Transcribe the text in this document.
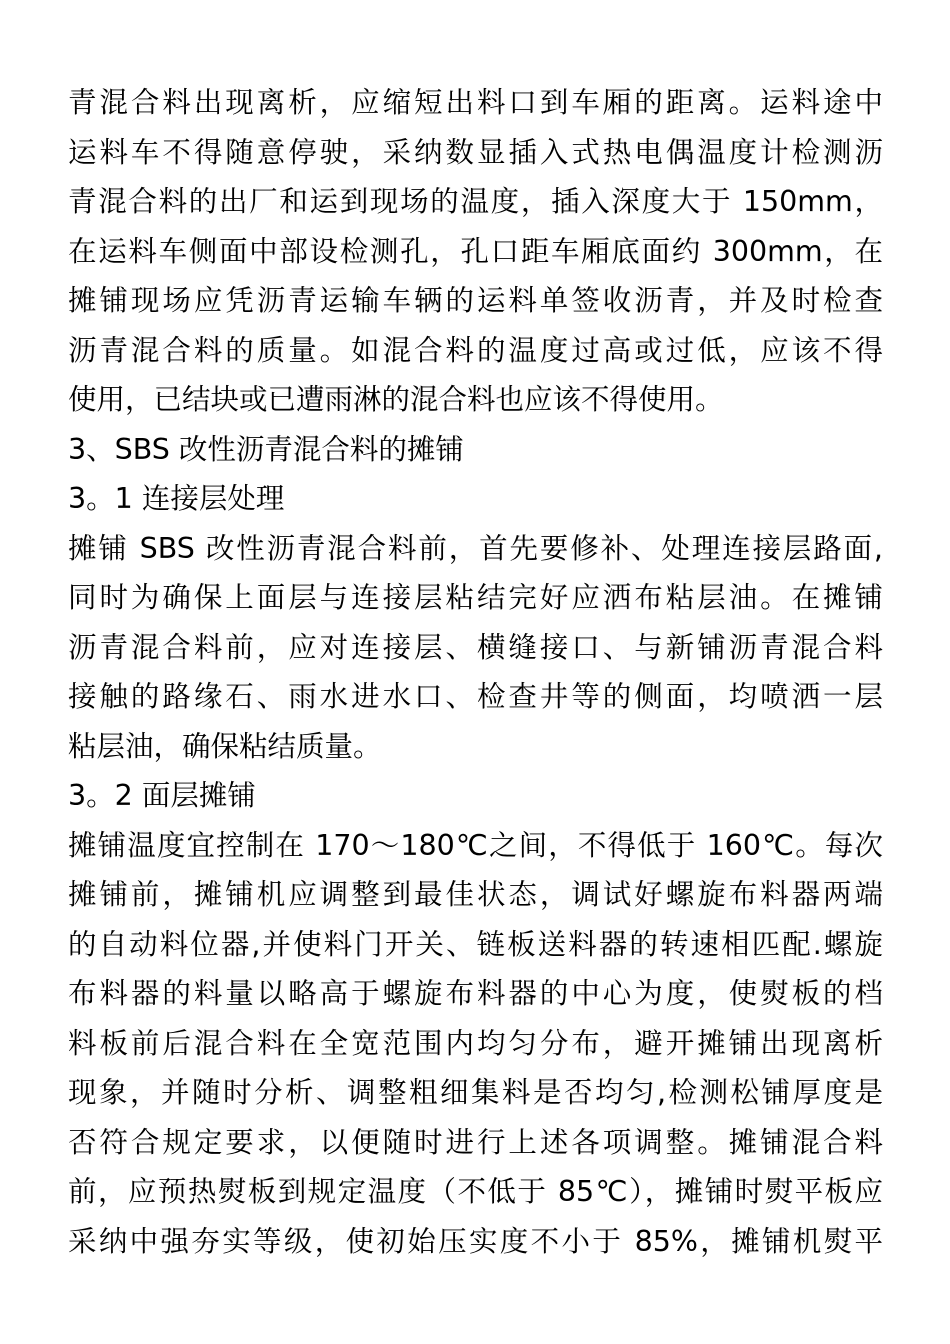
青混合料出现离析，应缩短出料口到车厢的距离。运料途中
运料车不得随意停驶，采纳数显插入式热电偶温度计检测沥
青混合料的出厂和运到现场的温度，插入深度大于 150mm，
在运料车侧面中部设检测孔，孔口距车厢底面约 300mm，在
摊铺现场应凭沥青运输车辆的运料单签收沥青，并及时检查
沥青混合料的质量。如混合料的温度过高或过低，应该不得
使用，已结块或已遭雨淋的混合料也应该不得使用。
3、SBS 改性沥青混合料的摊铺
3。1 连接层处理
摊铺 SBS 改性沥青混合料前，首先要修补、处理连接层路面,
同时为确保上面层与连接层粘结完好应洒布粘层油。在摊铺
沥青混合料前，应对连接层、横缝接口、与新铺沥青混合料
接触的路缘石、雨水进水口、检查井等的侧面，均喷洒一层
粘层油，确保粘结质量。
3。2 面层摊铺
摊铺温度宜控制在 170～180℃之间，不得低于 160℃。每次
摊铺前，摊铺机应调整到最佳状态，调试好螺旋布料器两端
的自动料位器,并使料门开关、链板送料器的转速相匹配.螺旋
布料器的料量以略高于螺旋布料器的中心为度，使熨板的档
料板前后混合料在全宽范围内均匀分布，避开摊铺出现离析
现象，并随时分析、调整粗细集料是否均匀,检测松铺厚度是
否符合规定要求，以便随时进行上述各项调整。摊铺混合料
前，应预热熨板到规定温度（不低于 85℃），摊铺时熨平板应
采纳中强夯实等级，使初始压实度不小于 85%，摊铺机熨平
